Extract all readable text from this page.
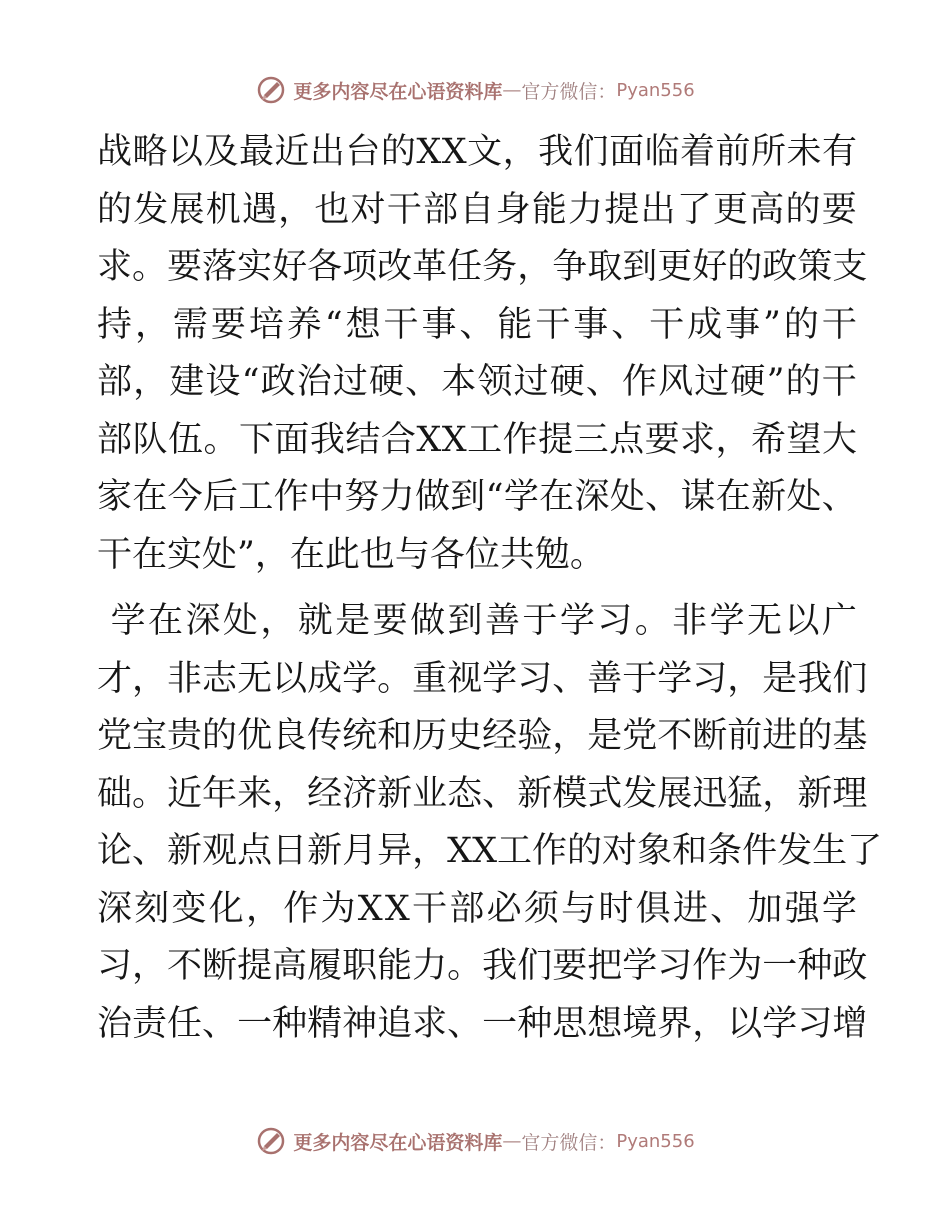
更多内容尽在心语资料库 — 官方微信： Pyan556
战 略 以 及 最 近 出 台 的 X X 文 ， 我 们 面 临 着 前 所 未 有
的 发 展 机 遇 ， 也 对 干 部 自 身 能 力 提 出 了 更 高 的 要
求 。 要 落 实 好 各 项 改 革 任 务 ， 争 取 到 更 好 的 政 策 支
持 ， 需 要 培 养 “ 想 干 事 、 能 干 事 、 干 成 事 ” 的 干
部 ， 建 设 “ 政 治 过 硬 、 本 领 过 硬 、 作 风 过 硬 ” 的 干
部 队 伍 。 下 面 我 结 合 X X 工 作 提 三 点 要 求 ， 希 望 大
家 在 今 后 工 作 中 努 力 做 到 “ 学 在 深 处 、 谋 在 新 处 、
干在实处”，在此也与各位共勉。

学 在 深 处 ， 就 是 要 做 到 善 于 学 习 。 非 学 无 以 广
才 ， 非 志 无 以 成 学 。 重 视 学 习 、 善 于 学 习 ， 是 我 们
党 宝 贵 的 优 良 传 统 和 历 史 经 验 ， 是 党 不 断 前 进 的 基
础 。 近 年 来 ， 经 济 新 业 态 、 新 模 式 发 展 迅 猛 ， 新 理
论 、 新 观 点 日 新 月 异 ， X X 工 作 的 对 象 和 条 件 发 生 了
深 刻 变 化 ， 作 为 X X 干 部 必 须 与 时 俱 进 、 加 强 学
习 ， 不 断 提 高 履 职 能 力 。 我 们 要 把 学 习 作 为 一 种 政
治 责 任 、 一 种 精 神 追 求 、 一 种 思 想 境 界 ， 以 学 习 增
更多内容尽在心语资料库 — 官方微信： Pyan556
